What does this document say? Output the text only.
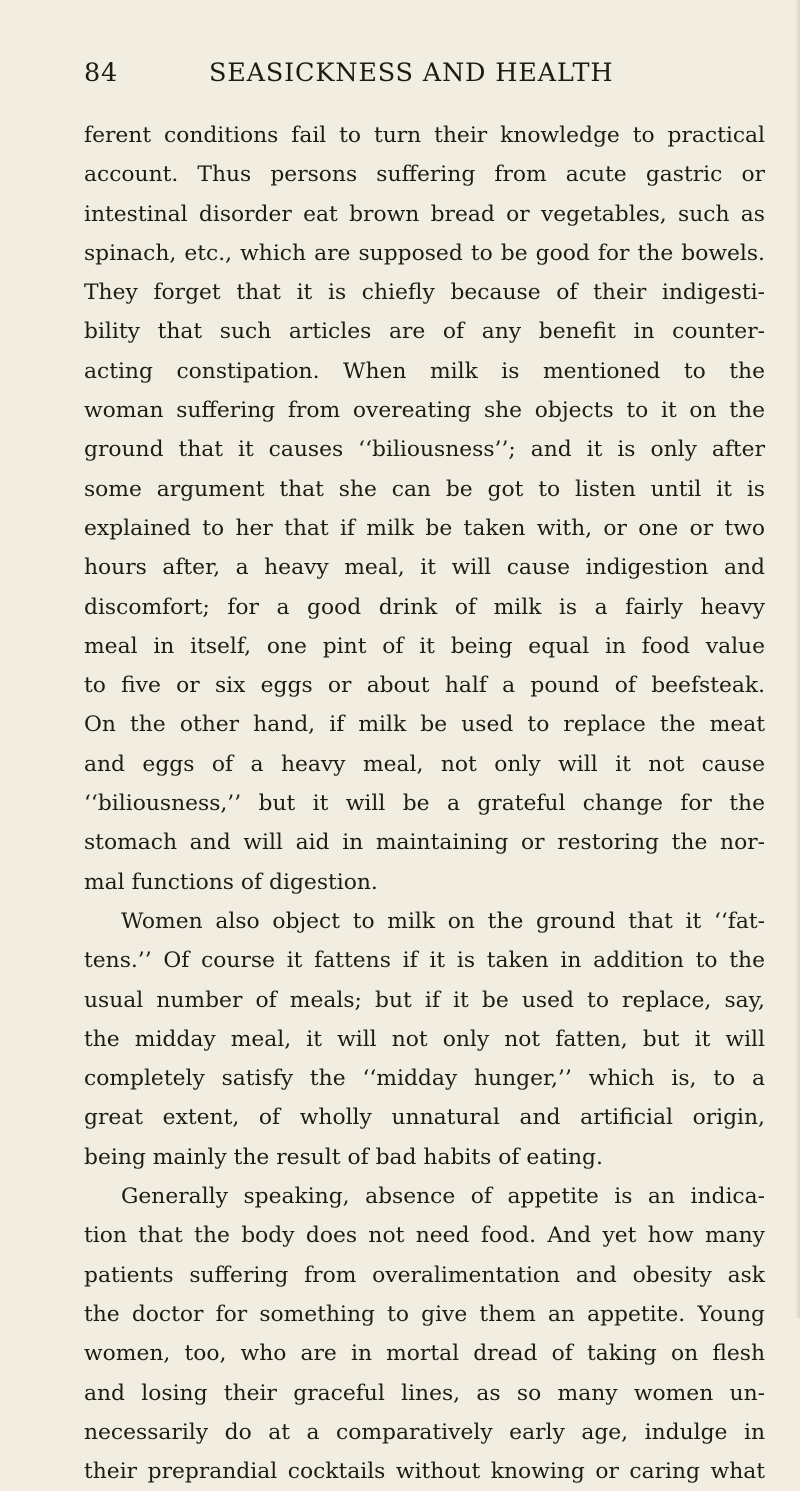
84	SEASICKNESS AND HEALTH
ferent conditions fail to turn their knowledge to practical
account. Thus persons suffering from acute gastric or
intestinal disorder eat brown bread or vegetables, such as
spinach, etc., which are supposed to be good for the bowels.
They forget that it is chiefly because of their indigesti-
bility that such articles are of any benefit in counter-
acting constipation. When milk is mentioned to the
woman suffering from overeating she objects to it on the
ground that it causes ‘‘biliousness’’; and it is only after
some argument that she can be got to listen until it is
explained to her that if milk be taken with, or one or two
hours after, a heavy meal, it will cause indigestion and
discomfort; for a good drink of milk is a fairly heavy
meal in itself, one pint of it being equal in food value
to five or six eggs or about half a pound of beefsteak.
On the other hand, if milk be used to replace the meat
and eggs of a heavy meal, not only will it not cause
‘‘biliousness,’’ but it will be a grateful change for the
stomach and will aid in maintaining or restoring the nor-
mal functions of digestion.
Women also object to milk on the ground that it ‘‘fat-
tens.’’ Of course it fattens if it is taken in addition to the
usual number of meals; but if it be used to replace, say,
the midday meal, it will not only not fatten, but it will
completely satisfy the ‘‘midday hunger,’’ which is, to a
great extent, of wholly unnatural and artificial origin,
being mainly the result of bad habits of eating.
Generally speaking, absence of appetite is an indica-
tion that the body does not need food. And yet how many
patients suffering from overalimentation and obesity ask
the doctor for something to give them an appetite. Young
women, too, who are in mortal dread of taking on flesh
and losing their graceful lines, as so many women un-
necessarily do at a comparatively early age, indulge in
their preprandial cocktails without knowing or caring what
